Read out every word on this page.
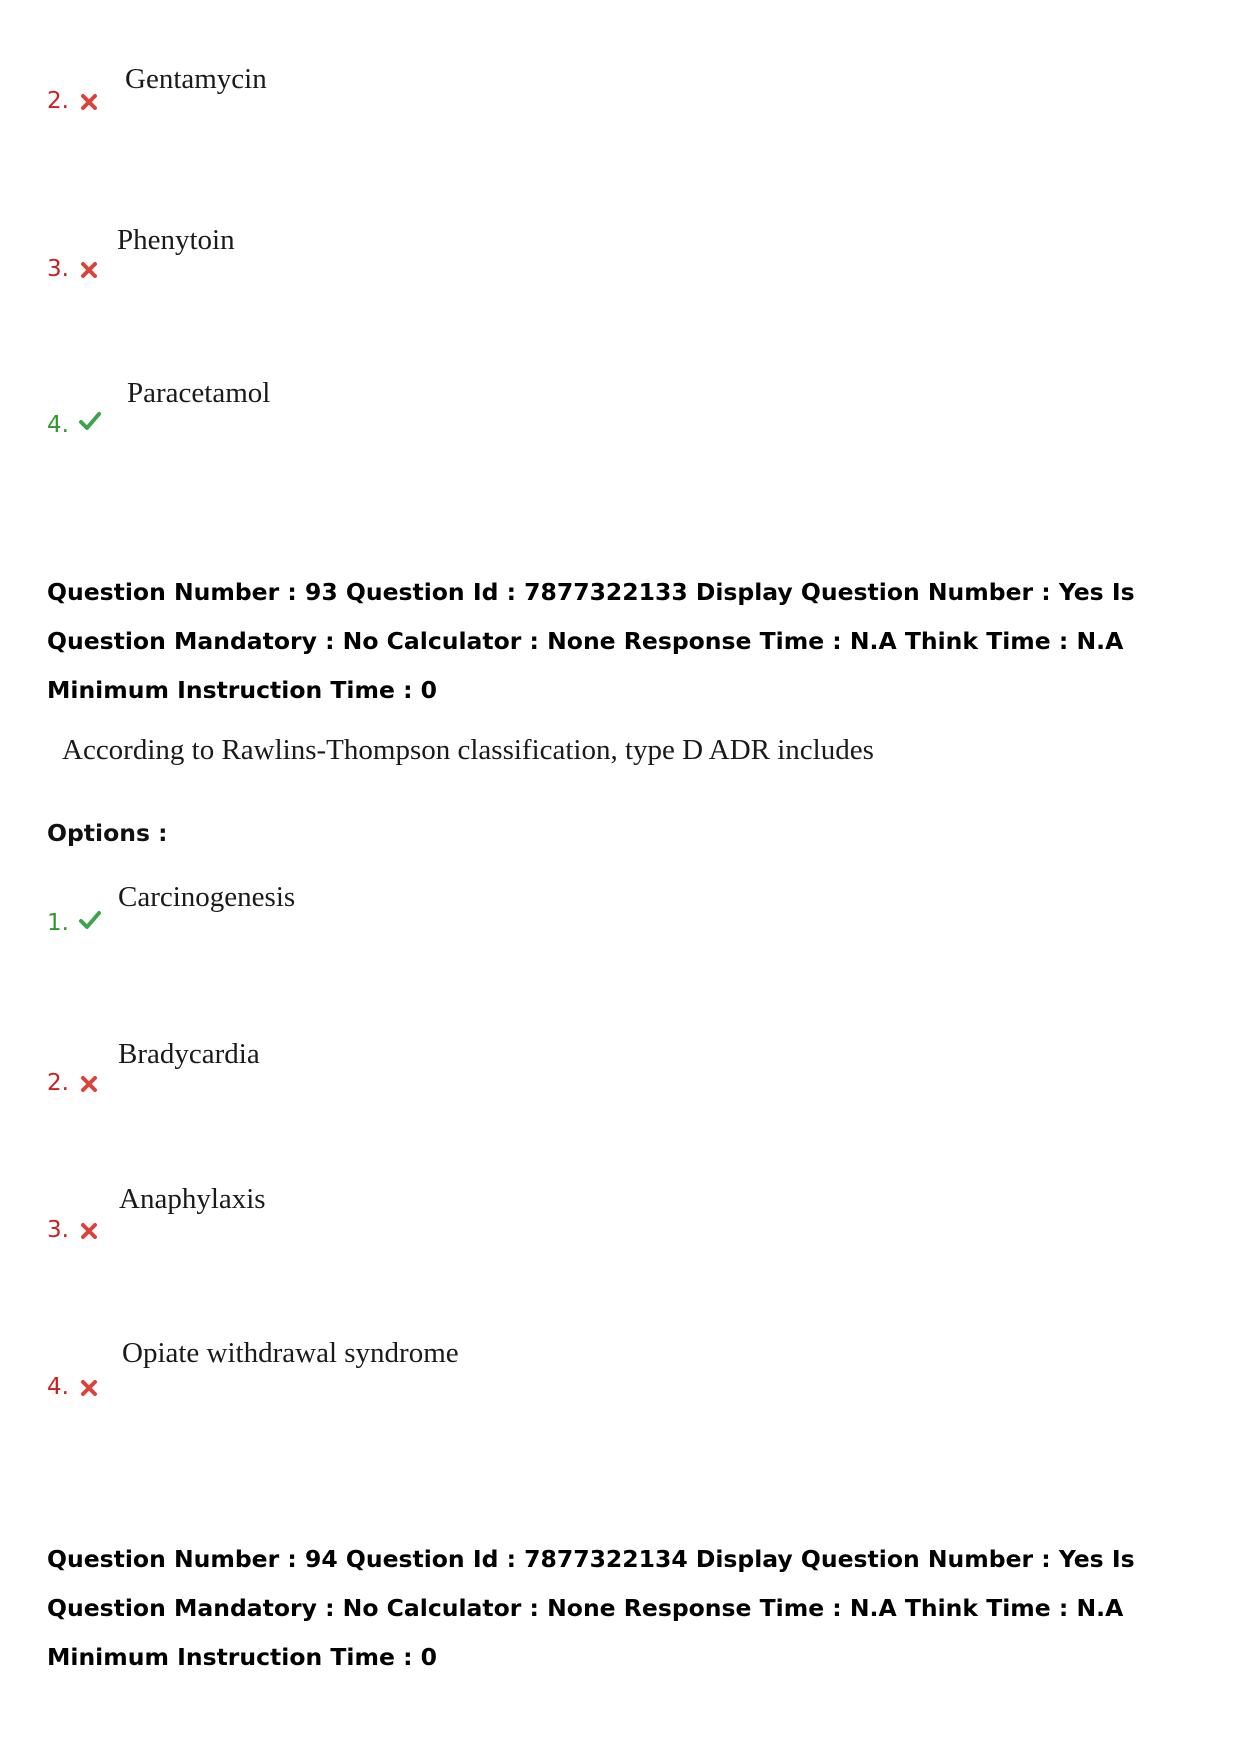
2.
Gentamycin
3.
Phenytoin
4.
Paracetamol

Question Number : 93 Question Id : 7877322133 Display Question Number : Yes Is Question Mandatory : No Calculator : None Response Time : N.A Think Time : N.A Minimum Instruction Time : 0

According to Rawlins-Thompson classification, type D ADR includes
Options :
1.
Carcinogenesis
2.
Bradycardia
3.
Anaphylaxis
4.
Opiate withdrawal syndrome

Question Number : 94 Question Id : 7877322134 Display Question Number : Yes Is Question Mandatory : No Calculator : None Response Time : N.A Think Time : N.A Minimum Instruction Time : 0
